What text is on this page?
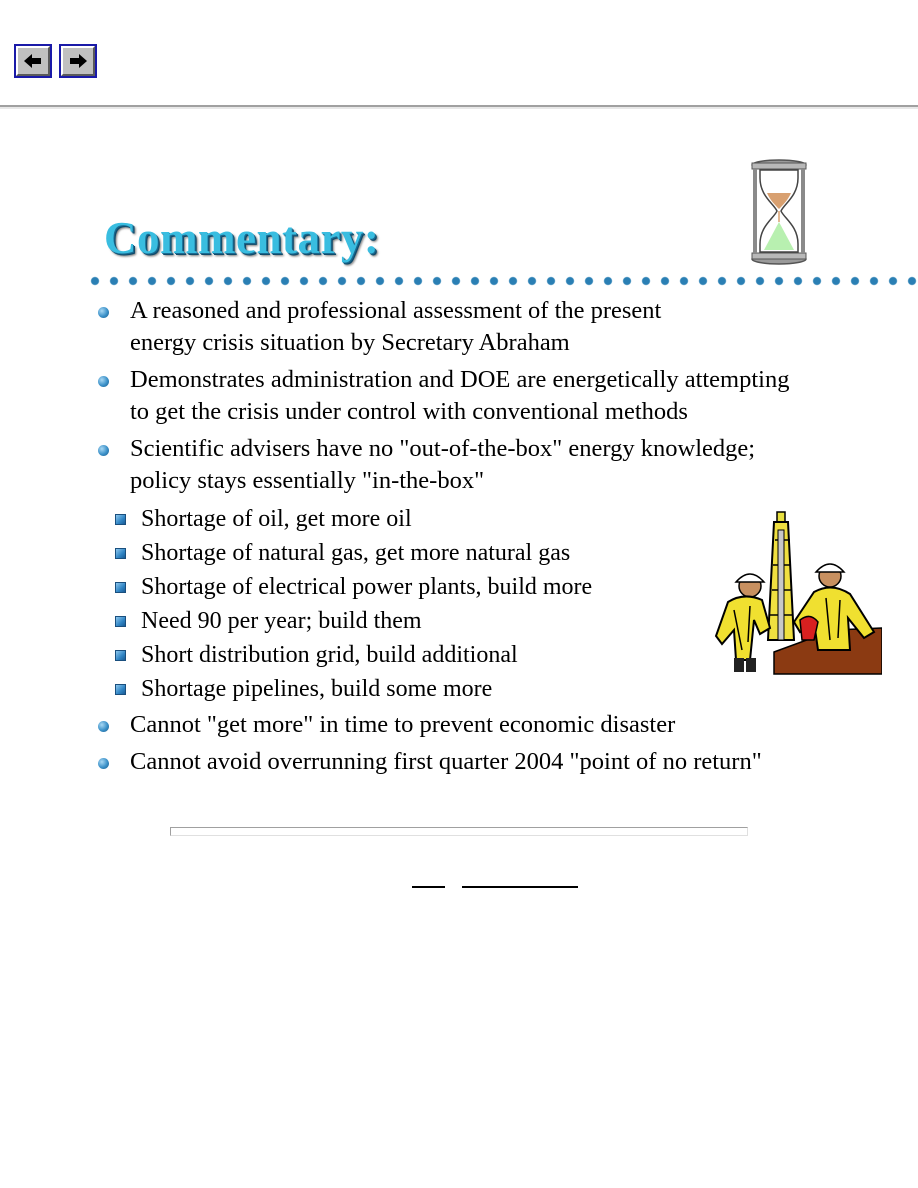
Commentary:
A reasoned and professional assessment of the present
energy crisis situation by Secretary Abraham
Demonstrates administration and DOE are energetically attempting
to get the crisis under control with conventional methods
Scientific advisers have no "out-of-the-box" energy knowledge;
policy stays essentially "in-the-box"
Shortage of oil, get more oil
Shortage of natural gas, get more natural gas
Shortage of electrical power plants, build more
Need 90 per year; build them
Short distribution grid, build additional
Shortage pipelines, build some more
Cannot "get more" in time to prevent economic disaster
Cannot avoid overrunning first quarter 2004 "point of no return"
